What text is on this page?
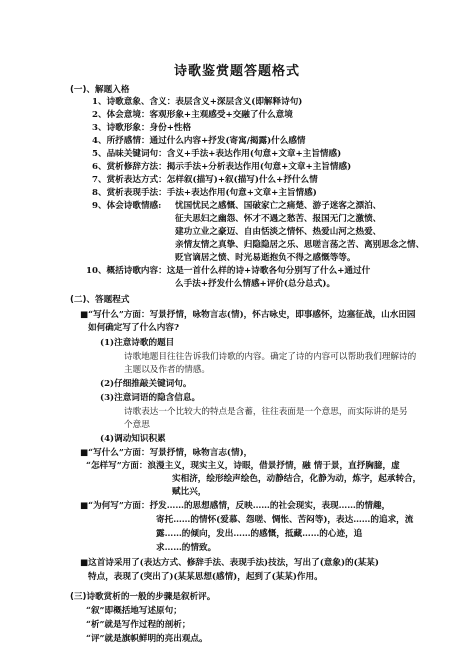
诗歌鉴赏题答题格式
(一)、解题入格
1、诗歌意象、含义：表层含义+深层含义(即解释诗句)
2、体会意境：客观形象+主观感受+交融了什么意境
3、诗歌形象：身份+性格
4、所抒感情：通过什么内容+抒发(寄寓/揭露)什么感情
5、品味关键词句：含义+手法+表达作用(句意+文章+主旨情感)
6、赏析修辞方法：揭示手法+分析表达作用(句意+文章+主旨情感)
7、赏析表达方式：怎样叙(描写)+叙(描写)什么+抒什么情
8、赏析表现手法：手法+表达作用(句意+文章+主旨情感)
9、体会诗歌情感: 忧国忧民之感慨、国破家亡之痛楚、游子迷客之漂泊、
征夫思妇之幽怨、怀才不遇之愁苦、报国无门之激愤、
建功立业之豪迈、自由恬淡之情怀、热爱山河之热爱、
亲情友情之真挚、归隐隐居之乐、思嗟言荡之苦、离别思念之情、
贬官谪居之愤、时光易逝抱负不得之感慨等等。
10、概括诗歌内容：这是一首什么样的诗+诗歌各句分别写了什么+通过什
么手法+抒发什么情感+评价(总分总式)。
(二)、答题程式
■“写什么”方面：写景抒情，咏物言志(情)，怀古咏史，即事感怀，边塞征战，山水田园
如何确定写了什么内容?
(1)注意诗歌的题目
诗歌地题目往往告诉我们诗歌的内容。确定了诗的内容可以帮助我们理解诗的
主题以及作者的情感。
(2)仔细推敲关键词句。
(3)注意词语的隐含信息。
诗歌表达一个比较大的特点是含蓄，往往表面是一个意思，而实际讲的是另
个意思
(4)调动知识积累
■“写什么”方面：写景抒情，咏物言志(情)，
“怎样写”方面：浪漫主义，现实主义，诗眼，借景抒情，融 情于景，直抒胸臆，虚
实相济，绘形绘声绘色，动静结合，化静为动，炼字，起承转合，
赋比兴，
■“为何写”方面：抒发……的思想感情，反映……的社会现实，表现……的情趣，
寄托……的情怀(爱慕、怨嗟、惆怅、苦闷等)，表达……的追求，流
露……的倾向，发出……的感慨，抵藏……的心迹，追
求……的情致。
■这首诗采用了(表达方式、修辞手法、表现手法)技法，写出了(意象)的(某某)
特点，表现了(突出了)(某某思想(感情)，起到了(某某)作用。
(三)诗歌赏析的一般的步骤是叙析评。
“叙”即概括地写述原句；
“析”就是写作过程的剖析；
“评”就是旗帜鲜明的亮出观点。
